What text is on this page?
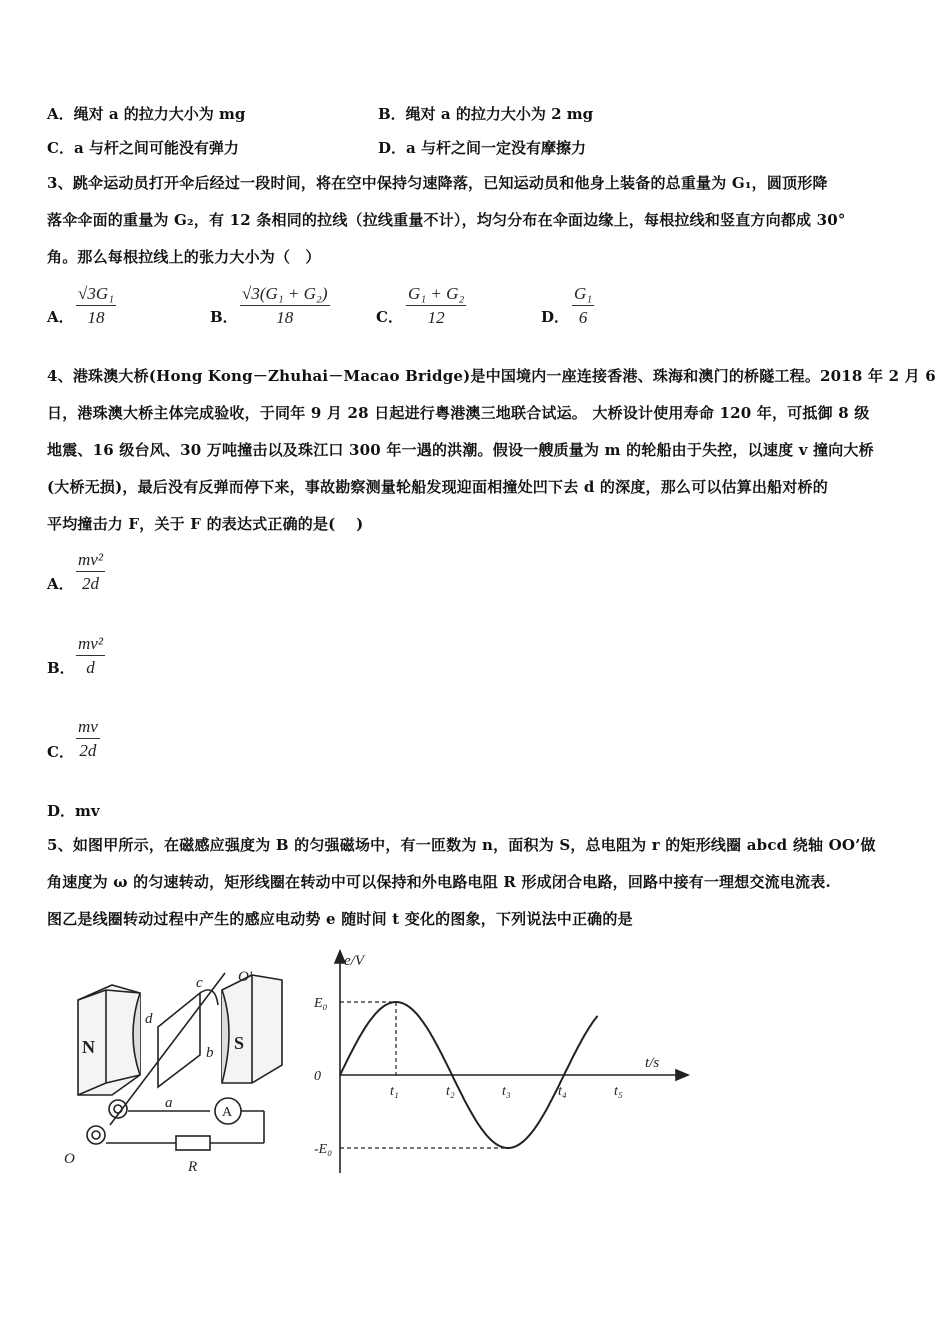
A．绳对 a 的拉力大小为 mg	B．绳对 a 的拉力大小为 2 mg
C．a 与杆之间可能没有弹力	D．a 与杆之间一定没有摩擦力
3、跳伞运动员打开伞后经过一段时间，将在空中保持匀速降落，已知运动员和他身上装备的总重量为 G₁，圆顶形降
落伞伞面的重量为 G₂，有 12 条相同的拉线（拉线重量不计），均匀分布在伞面边缘上，每根拉线和竖直方向都成 30°
角。那么每根拉线上的张力大小为（　）
A． $\frac{\text{√3G₁}}{18}$	B． $\frac{\text{√3(G₁ + G₂)}}{18}$	C． $\frac{\text{G₁ + G₂}}{12}$	D． $\frac{\text{G₁}}{6}$
4、港珠澳大桥(Hong Kong－Zhuhai－Macao Bridge)是中国境内一座连接香港、珠海和澳门的桥隧工程。2018 年 2 月 6
日，港珠澳大桥主体完成验收，于同年 9 月 28 日起进行粤港澳三地联合试运。 大桥设计使用寿命 120 年，可抵御 8 级
地震、16 级台风、30 万吨撞击以及珠江口 300 年一遇的洪潮。假设一艘质量为 m 的轮船由于失控，以速度 v 撞向大桥
(大桥无损)，最后没有反弹而停下来，事故勘察测量轮船发现迎面相撞处凹下去 d 的深度，那么可以估算出船对桥的
平均撞击力 F，关于 F 的表达式正确的是(　 )
A． $\frac{\text{mv²}}{2d}$
B． $\frac{\text{mv²}}{d}$
C． $\frac{mv}{2d}$
D．mv
5、如图甲所示，在磁感应强度为 B 的匀强磁场中，有一匝数为 n，面积为 S，总电阻为 r 的矩形线圈 abcd 绕轴 OO’做
角速度为 ω 的匀速转动，矩形线圈在转动中可以保持和外电路电阻 R 形成闭合电路，回路中接有一理想交流电流表.
图乙是线圈转动过程中产生的感应电动势 e 随时间 t 变化的图象，下列说法中正确的是
N	S
d
b
c
a
O′
A
R
O
e/V
t/s
t₁	t₂	t₃	t₄	t₅
E₀
0
-E₀
